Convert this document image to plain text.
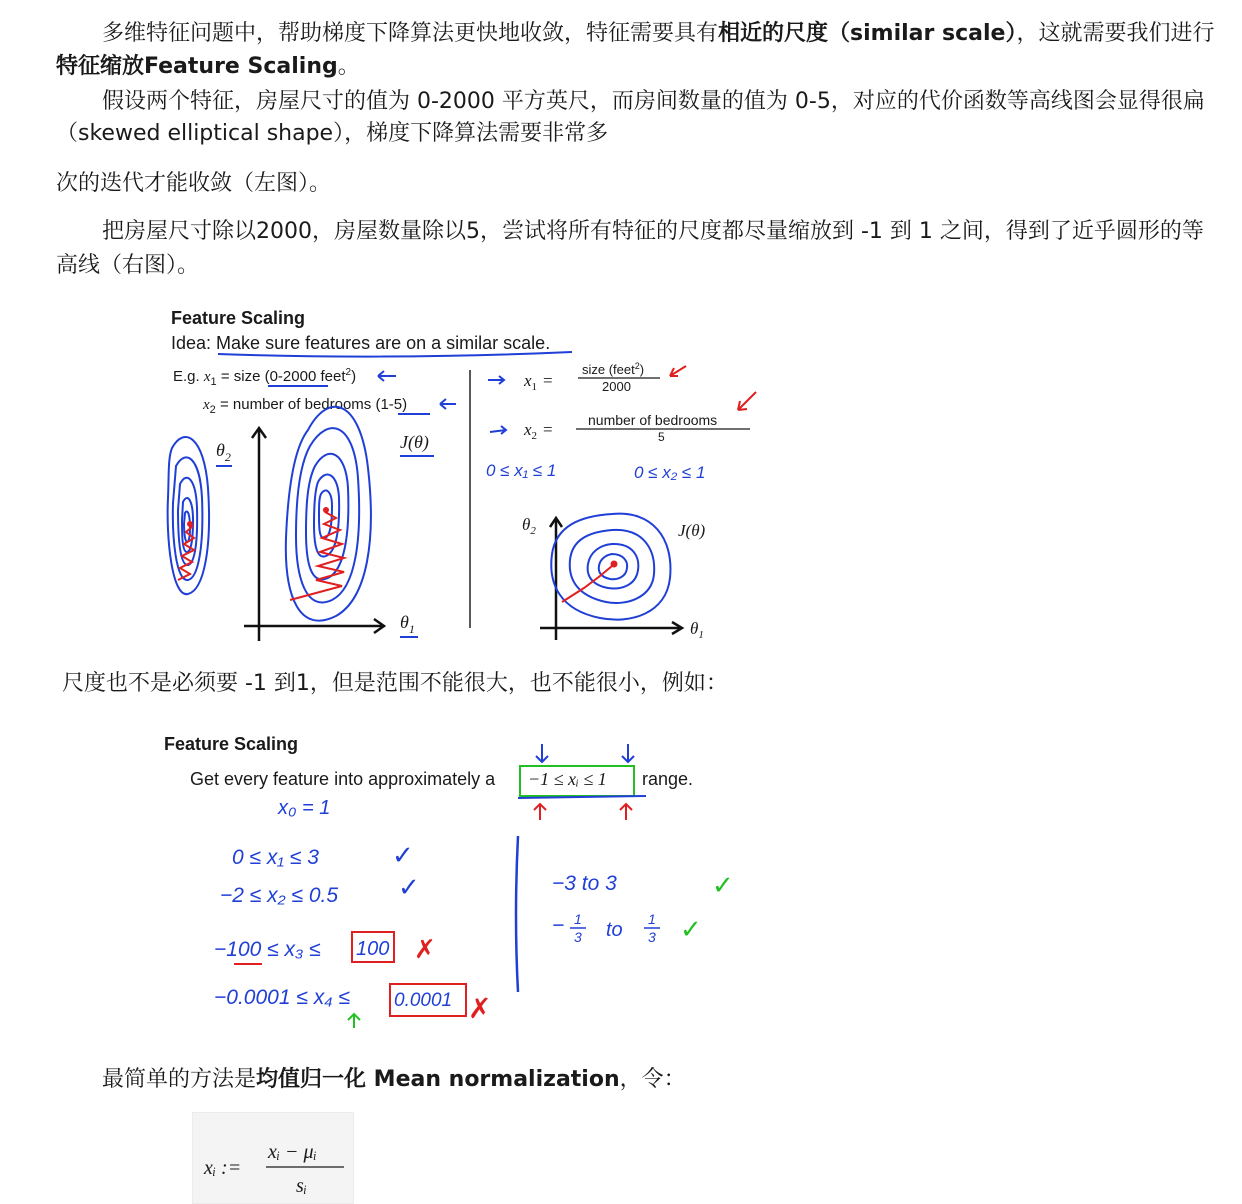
多维特征问题中，帮助梯度下降算法更快地收敛，特征需要具有相近的尺度（similar scale），这就需要我们进行

特征缩放Feature Scaling。

假设两个特征，房屋尺寸的值为 0-2000 平方英尺，而房间数量的值为 0-5，对应的代价函数等高线图会显得很扁

（skewed elliptical shape），梯度下降算法需要非常多

次的迭代才能收敛（左图）。

把房屋尺寸除以2000，房屋数量除以5，尝试将所有特征的尺度都尽量缩放到 -1 到 1 之间，得到了近乎圆形的等

高线（右图）。

Feature Scaling
Idea: Make sure features are on a similar scale.
E.g. $x_1$ = size (0-2000 feet$^2$)
$x_2$ = number of bedrooms (1-5)
$\theta_2$
$\theta_1$
J(θ)
$x_1$ =
size (feet$^2$)
2000
$x_2$ =	number of bedrooms
5
0 ≤ x₁ ≤ 1	0 ≤ x₂ ≤ 1
$\theta_2$
$\theta_1$
J(θ)

尺度也不是必须要 -1 到1，但是范围不能很大，也不能很小，例如：

Feature Scaling
Get every feature into approximately a −1 ≤ xᵢ ≤ 1 range.
x₀ = 1
0 ≤ x₁ ≤ 3	✓
−2 ≤ x₂ ≤ 0.5 ✓
−100 ≤ x₃ ≤ 100 ✗
−0.0001 ≤ x₄ ≤ 0.0001 ✗
−3 to 3	✓
− 1
3 to 1
3 ✓

最简单的方法是均值归一化 Mean normalization，令：

xᵢ :=
xᵢ − μᵢ
sᵢ
